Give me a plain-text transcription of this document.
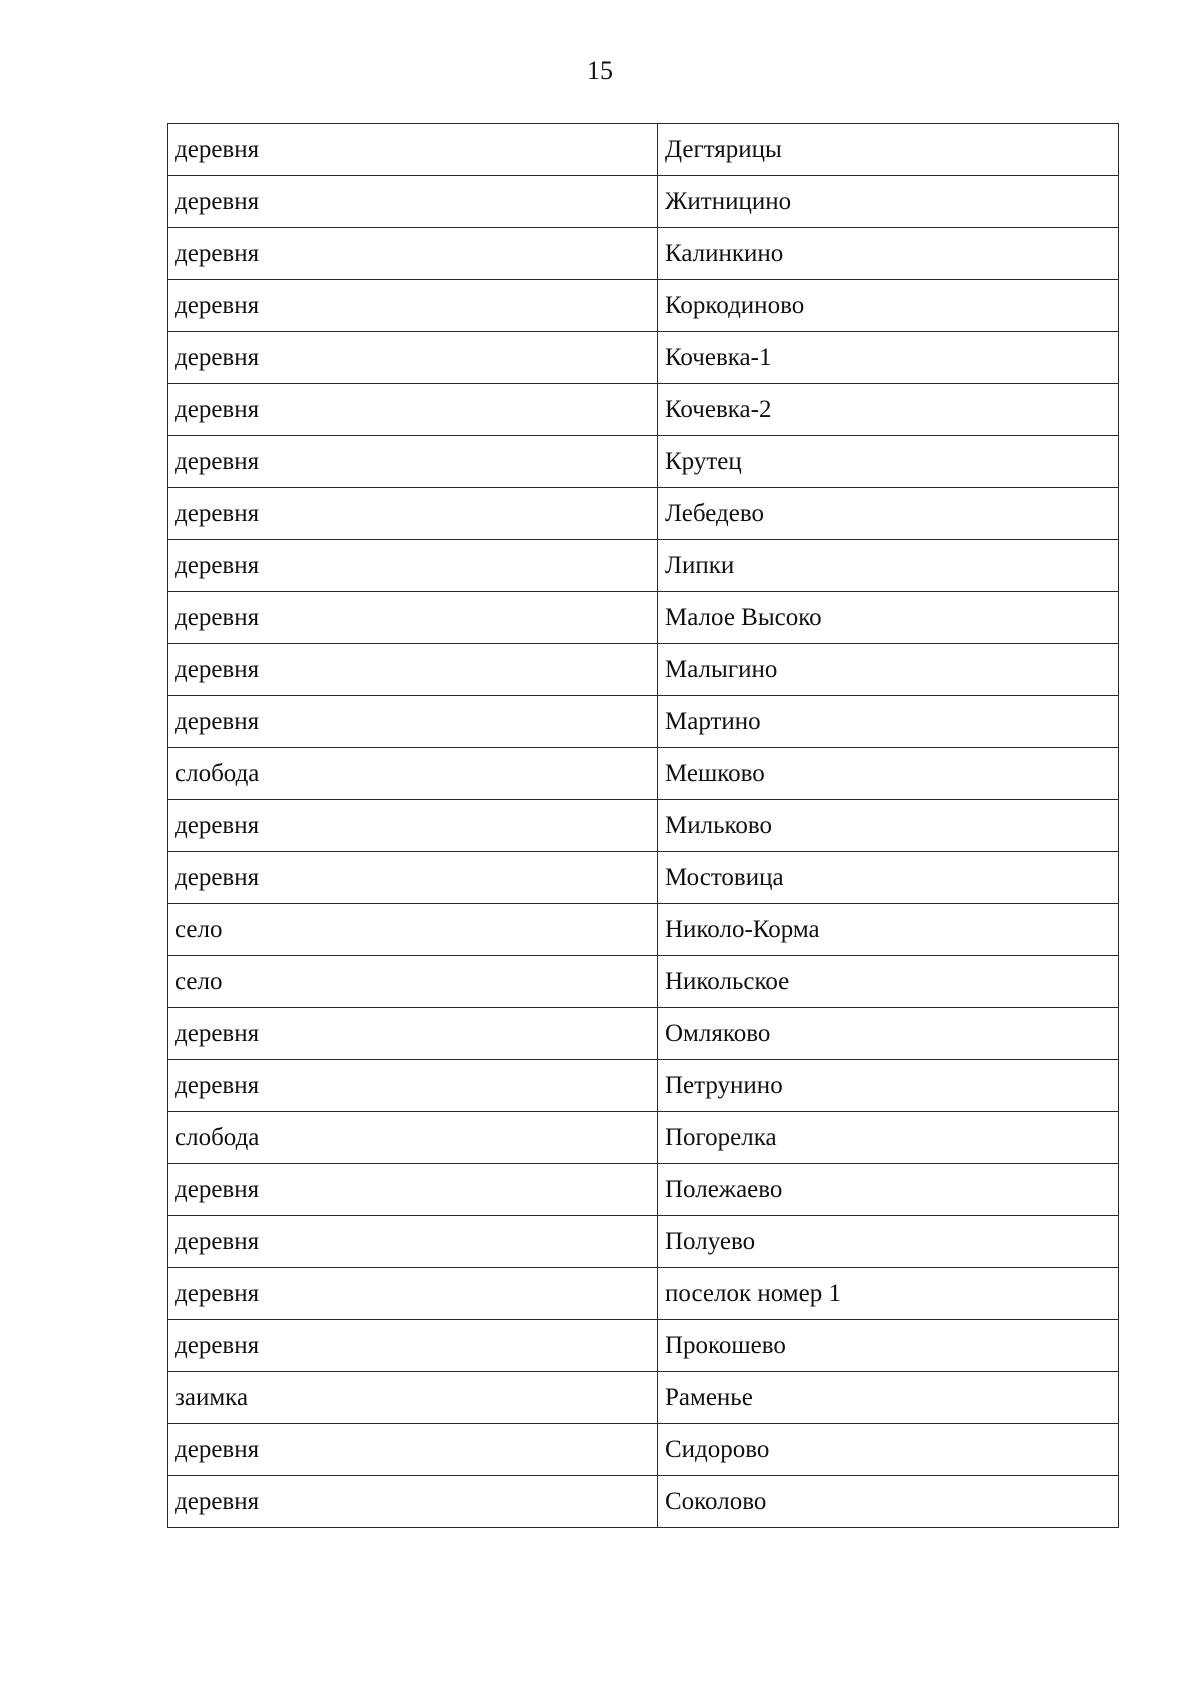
15
деревня	Дегтярицы
деревня	Житницино
деревня	Калинкино
деревня	Коркодиново
деревня	Кочевка-1
деревня	Кочевка-2
деревня	Крутец
деревня	Лебедево
деревня	Липки
деревня	Малое Высоко
деревня	Малыгино
деревня	Мартино
слобода	Мешково
деревня	Мильково
деревня	Мостовица
село	Николо-Корма
село	Никольское
деревня	Омляково
деревня	Петрунино
слобода	Погорелка
деревня	Полежаево
деревня	Полуево
деревня	поселок номер 1
деревня	Прокошево
заимка	Раменье
деревня	Сидорово
деревня	Соколово
